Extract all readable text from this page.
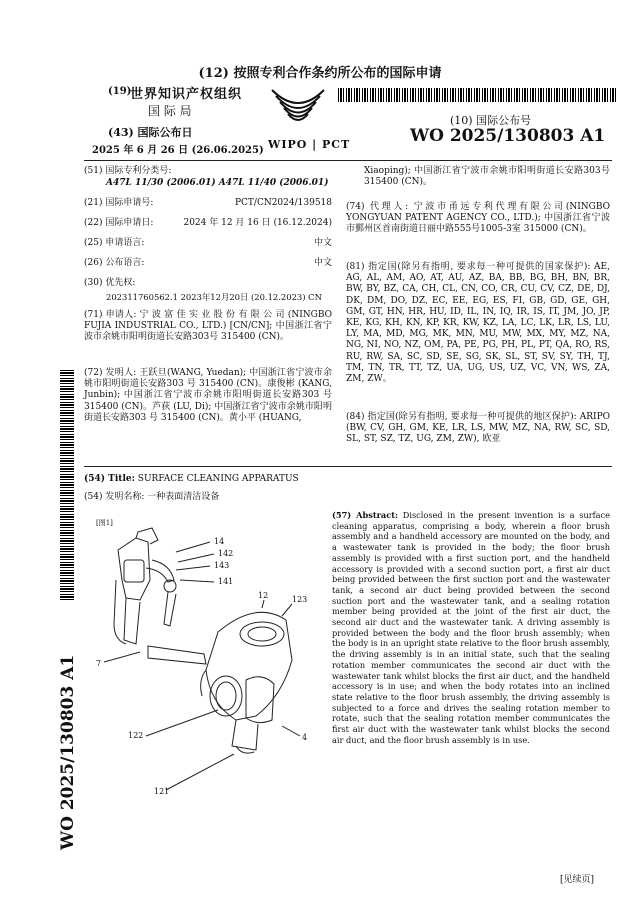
(12) 按照专利合作条约所公布的国际申请
(19)
世界知识产权组织
国 际 局
(43) 国际公布日
2025 年 6 月 26 日 (26.06.2025) WIPO | PCT
(10) 国际公布号
WO 2025/130803 A1
(51) 国际专利分类号:
A47L 11/30 (2006.01) A47L 11/40 (2006.01)
(21) 国际申请号:	PCT/CN2024/139518
(22) 国际申请日:	2024 年 12 月 16 日 (16.12.2024)
(25) 申请语言:	中文
(26) 公布语言:	中文
(30) 优先权:
202311760562.1 2023年12月20日 (20.12.2023) CN
(71) 申请人: 宁 波 富 佳 实 业 股 份 有 限 公 司 (NINGBO FUJIA INDUSTRIAL CO., LTD.) [CN/CN]; 中国浙江省宁波市余姚市阳明街道长安路303号 315400 (CN)。
(72) 发明人: 王跃旦(WANG, Yuedan); 中国浙江省宁波市余姚市阳明街道长安路303 号 315400 (CN)。康俊彬 (KANG, Junbin); 中国浙江省宁波市余姚市阳明街道长安路303 号 315400 (CN)。芦荻 (LU, Di); 中国浙江省宁波市余姚市阳明街道长安路303 号 315400 (CN)。黄小平 (HUANG,
Xiaoping); 中国浙江省宁波市余姚市阳明街道长安路303号 315400 (CN)。
(74) 代理人: 宁波市甬远专利代理有限公司(NINGBO YONGYUAN PATENT AGENCY CO., LTD.); 中国浙江省宁波市鄞州区首南街道日丽中路555号1005-3室 315000 (CN)。
(81) 指定国(除另有指明, 要求每一种可提供的国家保护): AE, AG, AL, AM, AO, AT, AU, AZ, BA, BB, BG, BH, BN, BR, BW, BY, BZ, CA, CH, CL, CN, CO, CR, CU, CV, CZ, DE, DJ, DK, DM, DO, DZ, EC, EE, EG, ES, FI, GB, GD, GE, GH, GM, GT, HN, HR, HU, ID, IL, IN, IQ, IR, IS, IT, JM, JO, JP, KE, KG, KH, KN, KP, KR, KW, KZ, LA, LC, LK, LR, LS, LU, LY, MA, MD, MG, MK, MN, MU, MW, MX, MY, MZ, NA, NG, NI, NO, NZ, OM, PA, PE, PG, PH, PL, PT, QA, RO, RS, RU, RW, SA, SC, SD, SE, SG, SK, SL, ST, SV, SY, TH, TJ, TM, TN, TR, TT, TZ, UA, UG, US, UZ, VC, VN, WS, ZA, ZM, ZW。
(84) 指定国(除另有指明, 要求每一种可提供的地区保护): ARIPO (BW, CV, GH, GM, KE, LR, LS, MW, MZ, NA, RW, SC, SD, SL, ST, SZ, TZ, UG, ZM, ZW), 欧亚
WO 2025/130803 A1
(54) Title: SURFACE CLEANING APPARATUS
(54) 发明名称: 一种表面清洁设备
[图1]
14
142
143
141
12	123
7
122	4
121
(57) Abstract: Disclosed in the present invention is a surface cleaning apparatus, comprising a body, wherein a floor brush assembly and a handheld accessory are mounted on the body, and a wastewater tank is provided in the body; the floor brush assembly is provided with a first suction port, and the handheld accessory is provided with a second suction port, a first air duct being provided between the first suction port and the wastewater tank, a second air duct being provided between the second suction port and the wastewater tank, and a sealing rotation member being provided at the joint of the first air duct, the second air duct and the wastewater tank. A driving assembly is provided between the body and the floor brush assembly; when the body is in an upright state relative to the floor brush assembly, the driving assembly is in an initial state, such that the sealing rotation member communicates the second air duct with the wastewater tank whilst blocks the first air duct, and the handheld accessory is in use; and when the body rotates into an inclined state relative to the floor brush assembly, the driving assembly is subjected to a force and drives the sealing rotation member to rotate, such that the sealing rotation member communicates the first air duct with the wastewater tank whilst blocks the second air duct, and the floor brush assembly is in use.
[见续页]
